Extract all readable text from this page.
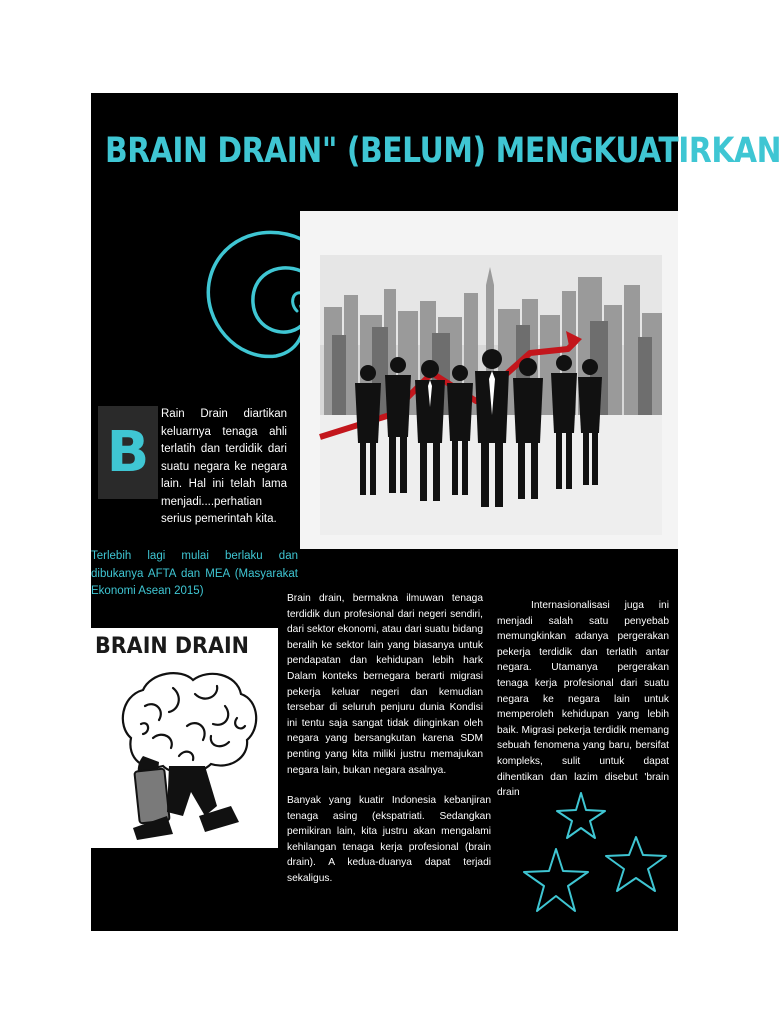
BRAIN DRAIN" (BELUM) MENGKUATIRKAN
B

Rain Drain diartikan keluarnya tenaga ahli terlatih dan terdidik dari suatu negara ke negara lain. Hal ini telah lama menjadi....perhatian serius pemerintah kita.

Terlebih lagi mulai berlaku dan dibukanya AFTA dan MEA (Masyarakat Ekonomi Asean 2015)

BRAIN DRAIN

Brain drain, bermakna ilmuwan tenaga terdidik dun profesional dari negeri sendiri, dari sektor ekonomi, atau dari suatu bidang beralih ke sektor lain yang biasanya untuk pendapatan dan kehidupan lebih hark Dalam konteks bernegara berarti migrasi pekerja keluar negeri dan kemudian tersebar di seluruh penjuru dunia Kondisi ini tentu saja sangat tidak diinginkan oleh negara yang bersangkutan karena SDM penting yang kita miliki justru memajukan negara lain, bukan negara asalnya.

Banyak yang kuatir Indonesia kebanjiran tenaga asing (ekspatriati. Sedangkan pemikiran lain, kita justru akan mengalami kehilangan tenaga kerja profesional (brain drain). A kedua-duanya dapat terjadi sekaligus.

Internasionalisasi juga ini menjadi salah satu penyebab memungkinkan adanya pergerakan pekerja terdidik dan terlatih antar negara. Utamanya pergerakan tenaga kerja profesional dari suatu negara ke negara lain untuk memperoleh kehidupan yang lebih baik. Migrasi pekerja terdidik memang sebuah fenomena yang baru, bersifat kompleks, sulit untuk dapat dihentikan dan lazim disebut 'brain drain
